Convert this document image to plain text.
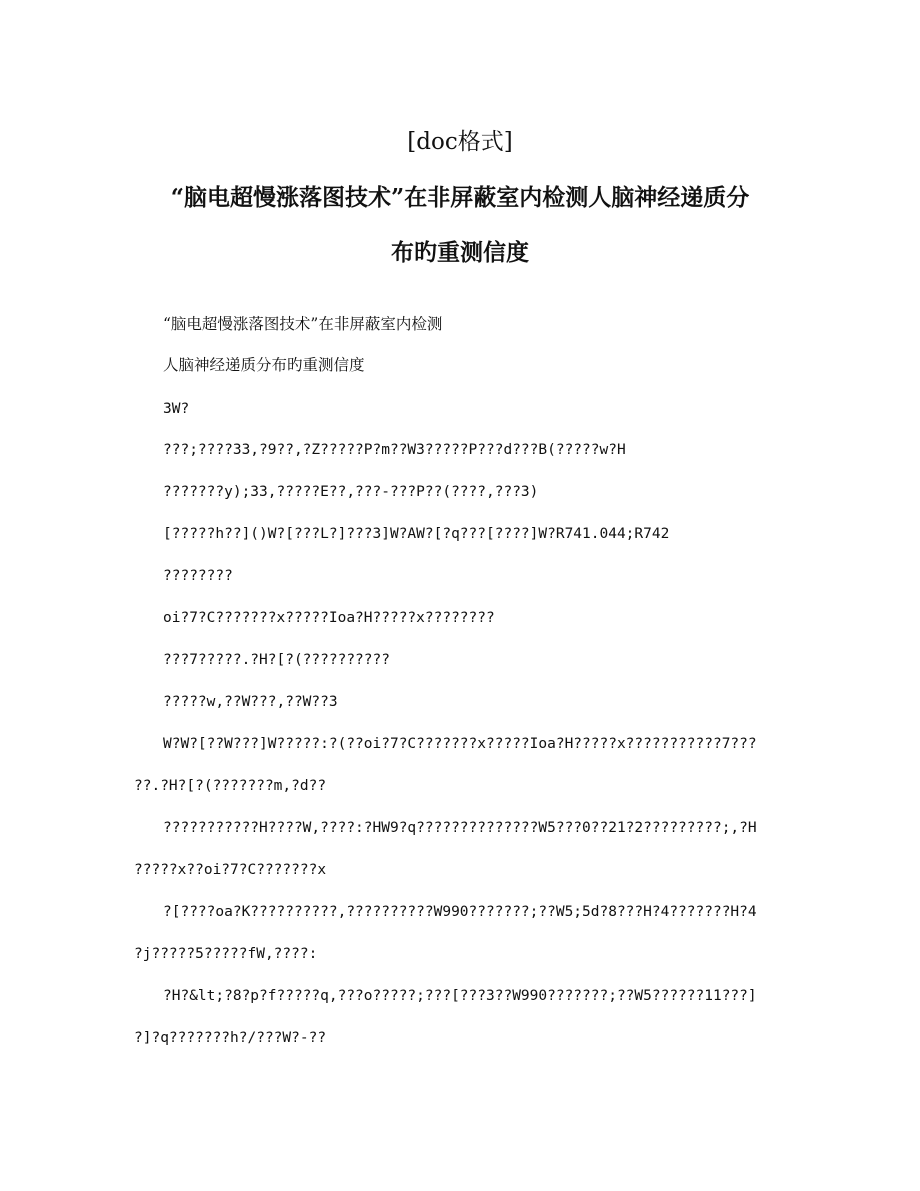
[doc格式]
“脑电超慢涨落图技术”在非屏蔽室内检测人脑神经递质分
布旳重测信度

“脑电超慢涨落图技术”在非屏蔽室内检测

人脑神经递质分布旳重测信度

3W?

???;????33,?9??,?Z?????P?m??W3?????P???d???B(?????w?H

???????y);33,?????E??,???-???P??(????,???3)

[?????h??]()W?[???L?]???3]W?AW?[?q???[????]W?R741.044;R742

????????

oi?7?C???????x?????Ioa?H?????x????????

???7?????.?H?[?(??????????

?????w,??W???,??W??3

W?W?[??W???]W?????:?(??oi?7?C???????x?????Ioa?H?????x???????????7???

??.?H?[?(???????m,?d??

???????????H????W,????:?HW9?q??????????????W5???0??21?2?????????;,?H

?????x??oi?7?C???????x

?[????oa?K??????????,??????????W990???????;??W5;5d?8???H?4???????H?4

?j?????5?????fW,????:

?H?&lt;?8?p?f?????q,???o?????;???[???3??W990???????;??W5??????11???]

?]?q???????h?/???W?-??
